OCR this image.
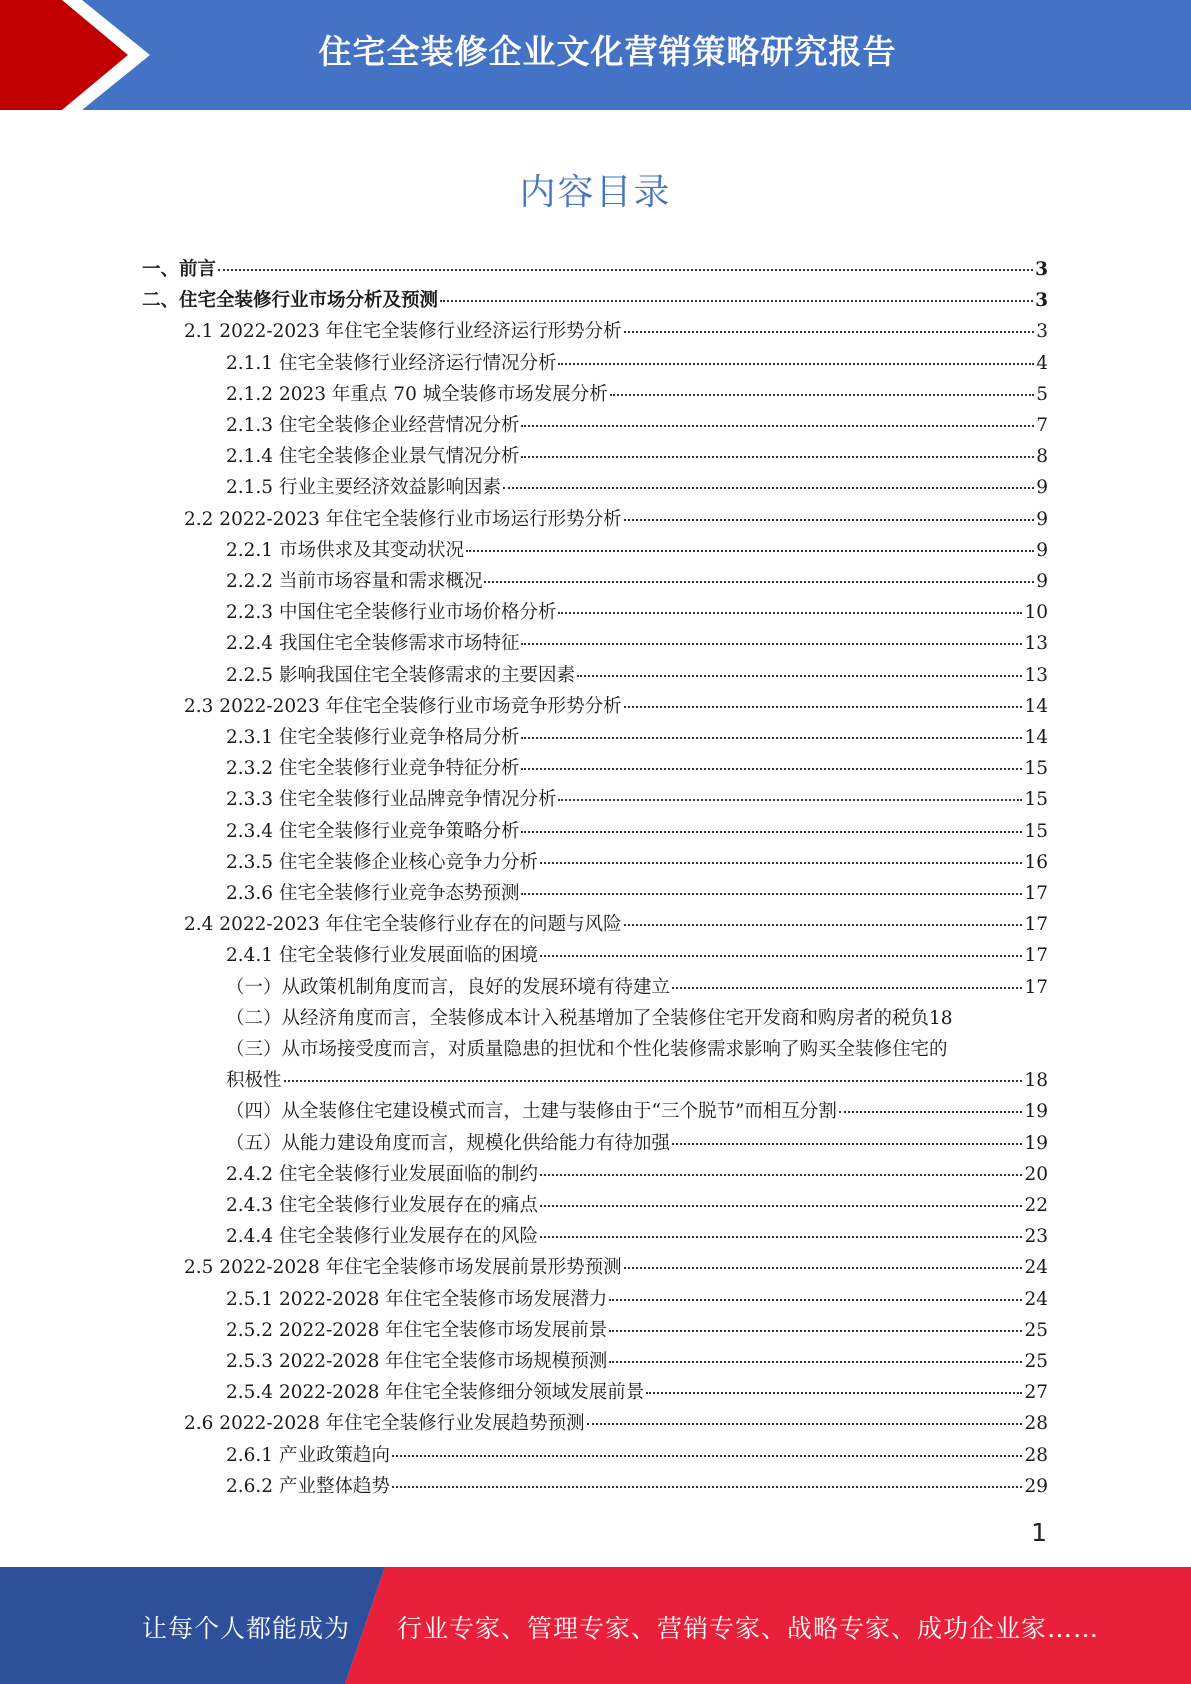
住宅全装修企业文化营销策略研究报告
内容目录
一、前言	3
二、住宅全装修行业市场分析及预测	3
2.1 2022-2023 年住宅全装修行业经济运行形势分析	3
2.1.1 住宅全装修行业经济运行情况分析	4
2.1.2 2023 年重点 70 城全装修市场发展分析	5
2.1.3 住宅全装修企业经营情况分析	7
2.1.4 住宅全装修企业景气情况分析	8
2.1.5 行业主要经济效益影响因素	9
2.2 2022-2023 年住宅全装修行业市场运行形势分析	9
2.2.1 市场供求及其变动状况	9
2.2.2 当前市场容量和需求概况	9
2.2.3 中国住宅全装修行业市场价格分析	10
2.2.4 我国住宅全装修需求市场特征	13
2.2.5 影响我国住宅全装修需求的主要因素	13
2.3 2022-2023 年住宅全装修行业市场竞争形势分析	14
2.3.1 住宅全装修行业竞争格局分析	14
2.3.2 住宅全装修行业竞争特征分析	15
2.3.3 住宅全装修行业品牌竞争情况分析	15
2.3.4 住宅全装修行业竞争策略分析	15
2.3.5 住宅全装修企业核心竞争力分析	16
2.3.6 住宅全装修行业竞争态势预测	17
2.4 2022-2023 年住宅全装修行业存在的问题与风险	17
2.4.1 住宅全装修行业发展面临的困境	17
（一）从政策机制角度而言，良好的发展环境有待建立	17
（二）从经济角度而言，全装修成本计入税基增加了全装修住宅开发商和购房者的税负 18
（三）从市场接受度而言，对质量隐患的担忧和个性化装修需求影响了购买全装修住宅的
积极性	18
（四）从全装修住宅建设模式而言，土建与装修由于“三个脱节”而相互分割	19
（五）从能力建设角度而言，规模化供给能力有待加强	19
2.4.2 住宅全装修行业发展面临的制约	20
2.4.3 住宅全装修行业发展存在的痛点	22
2.4.4 住宅全装修行业发展存在的风险	23
2.5 2022-2028 年住宅全装修市场发展前景形势预测	24
2.5.1 2022-2028 年住宅全装修市场发展潜力	24
2.5.2 2022-2028 年住宅全装修市场发展前景	25
2.5.3 2022-2028 年住宅全装修市场规模预测	25
2.5.4 2022-2028 年住宅全装修细分领域发展前景	27
2.6 2022-2028 年住宅全装修行业发展趋势预测	28
2.6.1 产业政策趋向	28
2.6.2 产业整体趋势	29
1
让每个人都能成为 行业专家、管理专家、营销专家、战略专家、成功企业家……
